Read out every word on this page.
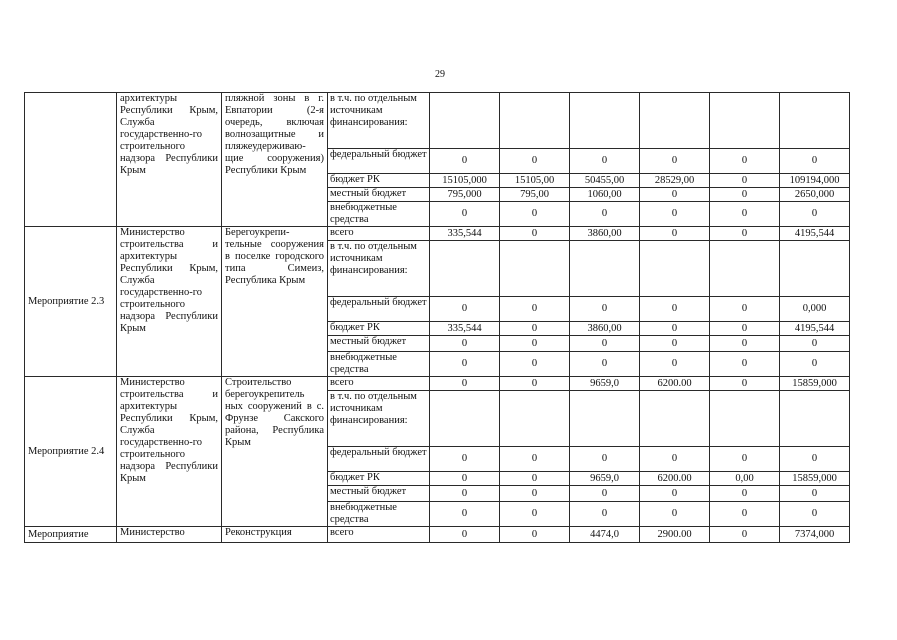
29
	архитектуры Республики Крым, Служба государственно-го строительного надзора Республики Крым	пляжной зоны в г. Евпатории (2-я очередь, включая волнозащитные и пляжеудерживаю-щие сооружения) Республики Крым	в т.ч. по отдельным источникам финансирования:						
			федеральный бюджет	0	0	0	0	0	0
			бюджет РК	15105,000	15105,00	50455,00	28529,00	0	109194,000
			местный бюджет	795,000	795,00	1060,00	0	0	2650,000
			внебюджетные средства	0	0	0	0	0	0
Мероприятие 2.3	Министерство строительства и архитектуры Республики Крым, Служба государственно-го строительного надзора Республики Крым	Берегоукрепи-тельные сооружения в поселке городского типа Симеиз, Республика Крым	всего	335,544	0	3860,00	0	0	4195,544
			в т.ч. по отдельным источникам финансирования:						
			федеральный бюджет	0	0	0	0	0	0,000
			бюджет РК	335,544	0	3860,00	0	0	4195,544
			местный бюджет	0	0	0	0	0	0
			внебюджетные средства	0	0	0	0	0	0
Мероприятие 2.4	Министерство строительства и архитектуры Республики Крым, Служба государственно-го строительного надзора Республики Крым	Строительство берегоукрепитель ных сооружений в с. Фрунзе Сакского района, Республика Крым	всего	0	0	9659,0	6200.00	0	15859,000
			в т.ч. по отдельным источникам финансирования:						
			федеральный бюджет	0	0	0	0	0	0
			бюджет РК	0	0	9659,0	6200.00	0,00	15859,000
			местный бюджет	0	0	0	0	0	0
			внебюджетные средства	0	0	0	0	0	0
Мероприятие	Министерство	Реконструкция	всего	0	0	4474,0	2900.00	0	7374,000
